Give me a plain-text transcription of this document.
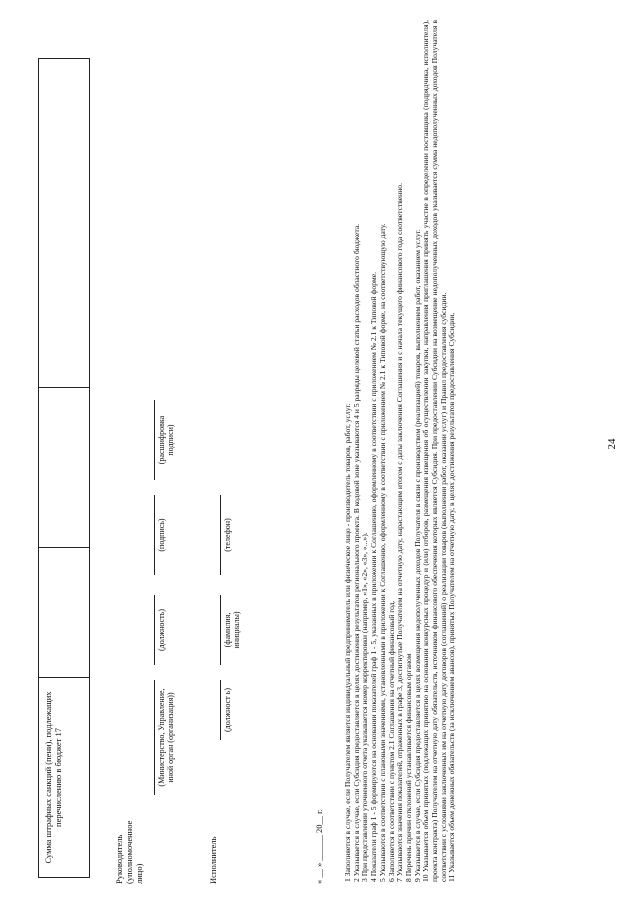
24
Сумма штрафных санкций (пени), подлежащих перечислению в бюджет 17
Руководитель (уполномоченное лицо)
(Министерство, Управление, иной орган (организация))
(должность)
(подпись)
(расшифровка подписи)
Исполнитель
(должност ь)
(фамилия, инициалы)
(телефон)
« __ » ______ 20__ г.	1 Заполняется в случае, если Получателем является индивидуальный предприниматель или физическое лицо - производитель товаров, работ, услуг. 2 Указывается в случае, если Субсидия предоставляется в целях достижения результатов регионального проекта. В кодовой зоне указываются 4 и 5 разряды целевой статьи расходов областного бюджета. 3 При представлении уточненного отчета указывается номер корректировки (например, «1», «2», «3», «...»). 4 Показатели граф 1 - 5 формируются на основании показателей граф 1 - 5, указанных в приложении к Соглашению, оформленному в соответствии с приложением № 2.1 к Типовой форме. 5 Указываются в соответствии с плановыми значениями, установленными в приложении к Соглашению, оформленному в соответствии с приложением № 2.1 к Типовой форме, на соответствующую дату. 6 Заполняется в соответствии с пунктом 2.1 Соглашения на отчетный финансовый год. 7 Указываются значения показателей, отраженных в графе 3, достигнутые Получателем на отчетную дату, нарастающим итогом с даты заключения Соглашения и с начала текущего финансового года соответственно. 8 Перечень причин отклонений устанавливается финансовым органом 9 Указывается в случае, если Субсидия предоставляется в целях возмещения недополученных доходов Получателя в связи с производством (реализацией) товаров, выполнением работ, оказанием услуг. 10 Указывается объем принятых (подлежащих принятию на основании конкурсных процедур и (или) отборов, размещения извещения об осуществлении закупки, направления приглашения принять участие в определении поставщика (подрядчика, исполнителя), проекта контракта) Получателем на отчетную дату обязательств, источником финансового обеспечения которых является Субсидия. При предоставлении Субсидии на возмещение недополученных доходов указывается сумма недополученных доходов Получателя в соответствии с условиями заключенных им на отчетную дату договоров (соглашений) о реализации товаров (выполнении работ, оказании услуг) и Правил предоставления субсидии. 11 Указывается объем денежных обязательств (за исключением авансов), принятых Получателем на отчетную дату, в целях достижения результатов предоставления Субсидии,
